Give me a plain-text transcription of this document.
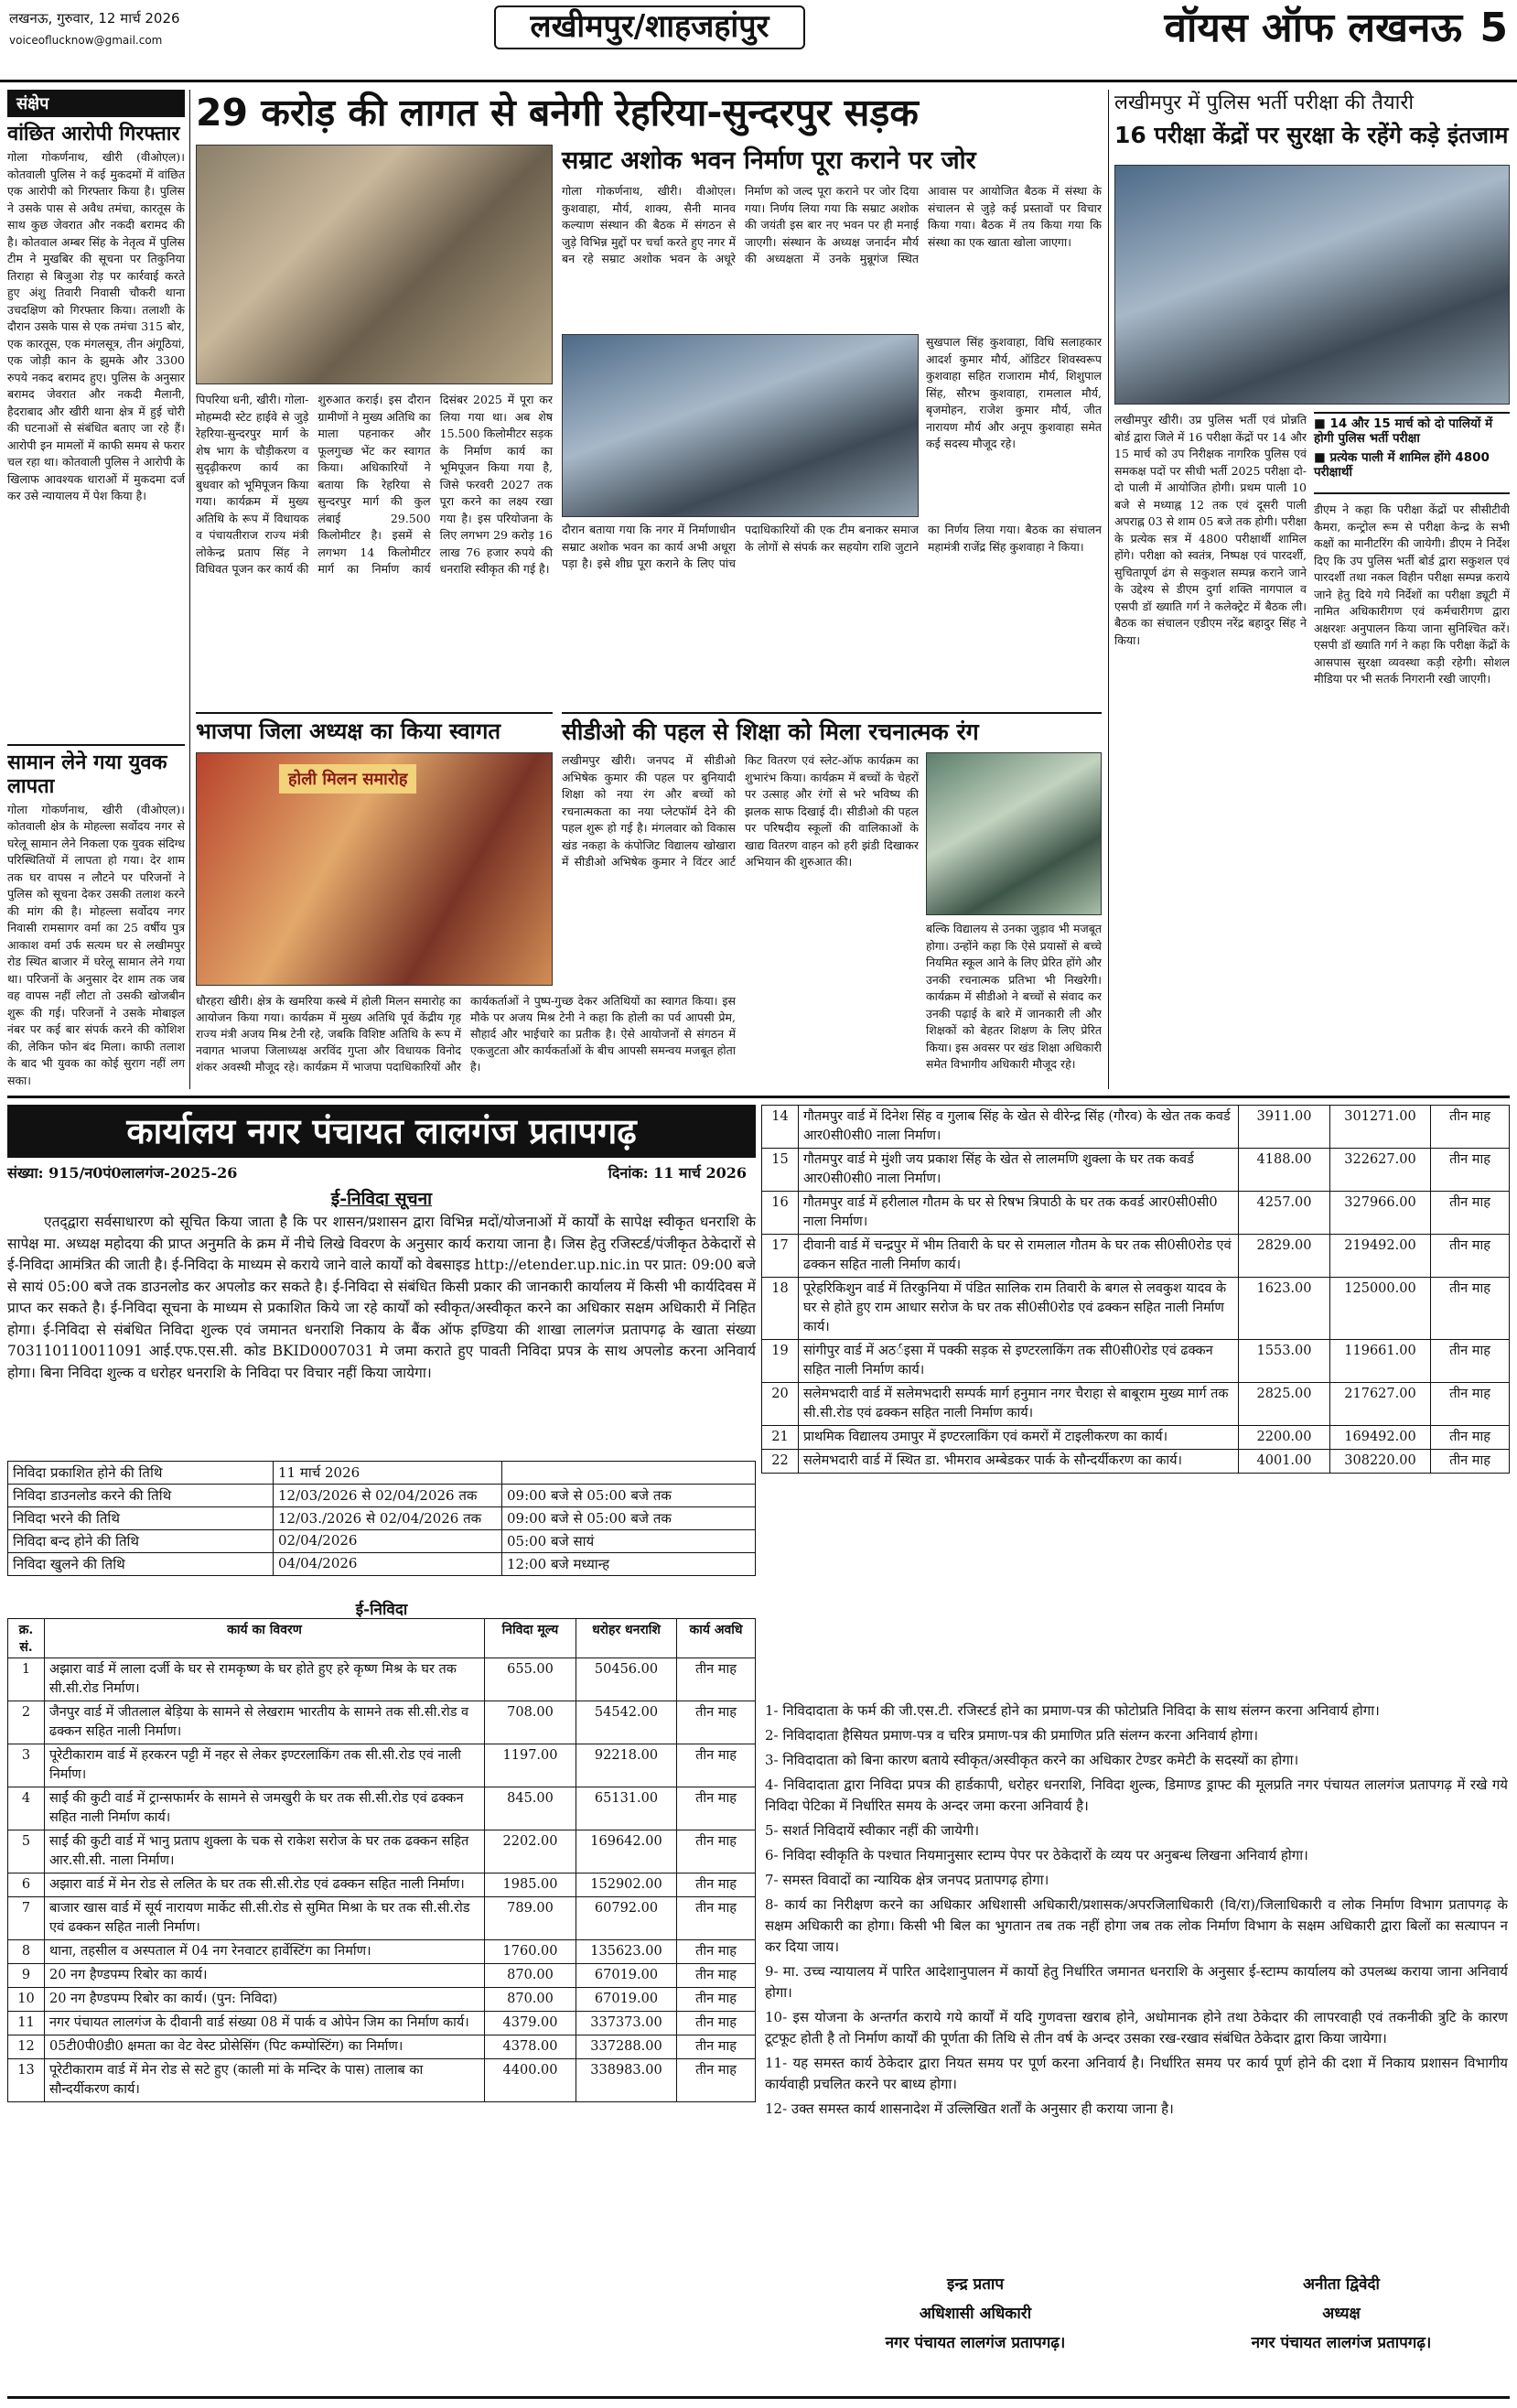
लखनऊ, गुरुवार, 12 मार्च 2026
voiceoflucknow@gmail.com	लखीमपुर/शाहजहांपुर	वॉयस ऑफ लखनऊ 5
संक्षेप
वांछित आरोपी गिरफ्तार
गोला गोकर्णनाथ, खीरी (वीओएल)। कोतवाली पुलिस ने कई मुकदमों में वांछित एक आरोपी को गिरफ्तार किया है। पुलिस ने उसके पास से अवैध तमंचा, कारतूस के साथ कुछ जेवरात और नकदी बरामद की है। कोतवाल अम्बर सिंह के नेतृत्व में पुलिस टीम ने मुखबिर की सूचना पर तिकुनिया तिराहा से बिजुआ रोड़ पर कार्रवाई करते हुए अंशु तिवारी निवासी चौकरी थाना उचदक्षिण को गिरफ्तार किया। तलाशी के दौरान उसके पास से एक तमंचा 315 बोर, एक कारतूस, एक मंगलसूत्र, तीन अंगूठियां, एक जोड़ी कान के झुमके और 3300 रुपये नकद बरामद हुए। पुलिस के अनुसार बरामद जेवरात और नकदी मैलानी, हैदराबाद और खीरी थाना क्षेत्र में हुई चोरी की घटनाओं से संबंधित बताए जा रहे हैं। आरोपी इन मामलों में काफी समय से फरार चल रहा था। कोतवाली पुलिस ने आरोपी के खिलाफ आवश्यक धाराओं में मुकदमा दर्ज कर उसे न्यायालय में पेश किया है।
सामान लेने गया युवक लापता
गोला गोकर्णनाथ, खीरी (वीओएल)। कोतवाली क्षेत्र के मोहल्ला सर्वोदय नगर से घरेलू सामान लेने निकला एक युवक संदिग्ध परिस्थितियों में लापता हो गया। देर शाम तक घर वापस न लौटने पर परिजनों ने पुलिस को सूचना देकर उसकी तलाश करने की मांग की है। मोहल्ला सर्वोदय नगर निवासी रामसागर वर्मा का 25 वर्षीय पुत्र आकाश वर्मा उर्फ सत्यम घर से लखीमपुर रोड स्थित बाजार में घरेलू सामान लेने गया था। परिजनों के अनुसार देर शाम तक जब वह वापस नहीं लौटा तो उसकी खोजबीन शुरू की गई। परिजनों ने उसके मोबाइल नंबर पर कई बार संपर्क करने की कोशिश की, लेकिन फोन बंद मिला। काफी तलाश के बाद भी युवक का कोई सुराग नहीं लग सका।
29 करोड़ की लागत से बनेगी रेहरिया-सुन्दरपुर सड़क
पिपरिया धनी, खीरी। गोला-मोहम्मदी स्टेट हाईवे से जुड़े रेहरिया-सुन्दरपुर मार्ग के शेष भाग के चौड़ीकरण व सुदृढ़ीकरण कार्य का बुधवार को भूमिपूजन किया गया। कार्यक्रम में मुख्य अतिथि के रूप में विधायक व पंचायतीराज राज्य मंत्री लोकेन्द्र प्रताप सिंह ने विधिवत पूजन कर कार्य की शुरुआत कराई। इस दौरान ग्रामीणों ने मुख्य अतिथि का माला पहनाकर और फूलगुच्छ भेंट कर स्वागत किया। अधिकारियों ने बताया कि रेहरिया से सुन्दरपुर मार्ग की कुल लंबाई 29.500 किलोमीटर है। इसमें से लगभग 14 किलोमीटर मार्ग का निर्माण कार्य दिसंबर 2025 में पूरा कर लिया गया था। अब शेष 15.500 किलोमीटर सड़क के निर्माण कार्य का भूमिपूजन किया गया है, जिसे फरवरी 2027 तक पूरा करने का लक्ष्य रखा गया है। इस परियोजना के लिए लगभग 29 करोड़ 16 लाख 76 हजार रुपये की धनराशि स्वीकृत की गई है।
सम्राट अशोक भवन निर्माण पूरा कराने पर जोर
गोला गोकर्णनाथ, खीरी। वीओएल। कुशवाहा, मौर्य, शाक्य, सैनी मानव कल्याण संस्थान की बैठक में संगठन से जुड़े विभिन्न मुद्दों पर चर्चा करते हुए नगर में बन रहे सम्राट अशोक भवन के अधूरे निर्माण को जल्द पूरा कराने पर जोर दिया गया। निर्णय लिया गया कि सम्राट अशोक की जयंती इस बार नए भवन पर ही मनाई जाएगी। संस्थान के अध्यक्ष जनार्दन मौर्य की अध्यक्षता में उनके मुन्नूगंज स्थित आवास पर आयोजित बैठक में संस्था के संचालन से जुड़े कई प्रस्तावों पर विचार किया गया। बैठक में तय किया गया कि संस्था का एक खाता खोला जाएगा।
सुखपाल सिंह कुशवाहा, विधि सलाहकार आदर्श कुमार मौर्य, ऑडिटर शिवस्वरूप कुशवाहा सहित राजाराम मौर्य, शिशुपाल सिंह, सौरभ कुशवाहा, रामलाल मौर्य, बृजमोहन, राजेश कुमार मौर्य, जीत नारायण मौर्य और अनूप कुशवाहा समेत कई सदस्य मौजूद रहे।
दौरान बताया गया कि नगर में निर्माणाधीन सम्राट अशोक भवन का कार्य अभी अधूरा पड़ा है। इसे शीघ्र पूरा कराने के लिए पांच पदाधिकारियों की एक टीम बनाकर समाज के लोगों से संपर्क कर सहयोग राशि जुटाने का निर्णय लिया गया। बैठक का संचालन महामंत्री राजेंद्र सिंह कुशवाहा ने किया।
भाजपा जिला अध्यक्ष का किया स्वागत
होली मिलन समारोह
धौरहरा खीरी। क्षेत्र के खमरिया कस्बे में होली मिलन समारोह का आयोजन किया गया। कार्यक्रम में मुख्य अतिथि पूर्व केंद्रीय गृह राज्य मंत्री अजय मिश्र टेनी रहे, जबकि विशिष्ट अतिथि के रूप में नवागत भाजपा जिलाध्यक्ष अरविंद गुप्ता और विधायक विनोद शंकर अवस्थी मौजूद रहे। कार्यक्रम में भाजपा पदाधिकारियों और कार्यकर्ताओं ने पुष्प-गुच्छ देकर अतिथियों का स्वागत किया। इस मौके पर अजय मिश्र टेनी ने कहा कि होली का पर्व आपसी प्रेम, सौहार्द और भाईचारे का प्रतीक है। ऐसे आयोजनों से संगठन में एकजुटता और कार्यकर्ताओं के बीच आपसी समन्वय मजबूत होता है।
सीडीओ की पहल से शिक्षा को मिला रचनात्मक रंग
लखीमपुर खीरी। जनपद में सीडीओ अभिषेक कुमार की पहल पर बुनियादी शिक्षा को नया रंग और बच्चों को रचनात्मकता का नया प्लेटफॉर्म देने की पहल शुरू हो गई है। मंगलवार को विकास खंड नकहा के कंपोजिट विद्यालय खोखारा में सीडीओ अभिषेक कुमार ने विंटर आर्ट किट वितरण एवं स्लेट-ऑफ कार्यक्रम का शुभारंभ किया। कार्यक्रम में बच्चों के चेहरों पर उत्साह और रंगों से भरे भविष्य की झलक साफ दिखाई दी। सीडीओ की पहल पर परिषदीय स्कूलों की वालिकाओं के खाद्य वितरण वाहन को हरी झंडी दिखाकर अभियान की शुरुआत की।
बल्कि विद्यालय से उनका जुड़ाव भी मजबूत होगा। उन्होंने कहा कि ऐसे प्रयासों से बच्चे नियमित स्कूल आने के लिए प्रेरित होंगे और उनकी रचनात्मक प्रतिभा भी निखरेगी। कार्यक्रम में सीडीओ ने बच्चों से संवाद कर उनकी पढ़ाई के बारे में जानकारी ली और शिक्षकों को बेहतर शिक्षण के लिए प्रेरित किया। इस अवसर पर खंड शिक्षा अधिकारी समेत विभागीय अधिकारी मौजूद रहे।
लखीमपुर में पुलिस भर्ती परीक्षा की तैयारी
16 परीक्षा केंद्रों पर सुरक्षा के रहेंगे कड़े इंतजाम
लखीमपुर खीरी। उप्र पुलिस भर्ती एवं प्रोन्नति बोर्ड द्वारा जिले में 16 परीक्षा केंद्रों पर 14 और 15 मार्च को उप निरीक्षक नागरिक पुलिस एवं समकक्ष पदों पर सीधी भर्ती 2025 परीक्षा दो-दो पाली में आयोजित होगी। प्रथम पाली 10 बजे से मध्याह्न 12 तक एवं दूसरी पाली अपराह्न 03 से शाम 05 बजे तक होगी। परीक्षा के प्रत्येक सत्र में 4800 परीक्षार्थी शामिल होंगे। परीक्षा को स्वतंत्र, निष्पक्ष एवं पारदर्शी, सुचितापूर्ण ढंग से सकुशल सम्पन्न कराने जाने के उद्देश्य से डीएम दुर्गा शक्ति नागपाल व एसपी डॉ ख्याति गर्ग ने कलेक्ट्रेट में बैठक ली। बैठक का संचालन एडीएम नरेंद्र बहादुर सिंह ने किया।
■ 14 और 15 मार्च को दो पालियों में होगी पुलिस भर्ती परीक्षा
■ प्रत्येक पाली में शामिल होंगे 4800 परीक्षार्थी
डीएम ने कहा कि परीक्षा केंद्रों पर सीसीटीवी कैमरा, कन्ट्रोल रूम से परीक्षा केन्द्र के सभी कक्षों का मानीटरिंग की जायेगी। डीएम ने निर्देश दिए कि उप पुलिस भर्ती बोर्ड द्वारा सकुशल एवं पारदर्शी तथा नकल विहीन परीक्षा सम्पन्न कराये जाने हेतु दिये गये निर्देशों का परीक्षा ड्यूटी में नामित अधिकारीगण एवं कर्मचारीगण द्वारा अक्षरशः अनुपालन किया जाना सुनिश्चित करें। एसपी डॉ ख्याति गर्ग ने कहा कि परीक्षा केंद्रों के आसपास सुरक्षा व्यवस्था कड़ी रहेगी। सोशल मीडिया पर भी सतर्क निगरानी रखी जाएगी।
कार्यालय नगर पंचायत लालगंज प्रतापगढ़
संख्या: 915/न0पं0लालगंज-2025-26	दिनांक: 11 मार्च 2026
ई-निविदा सूचना
एतद्‌द्वारा सर्वसाधारण को सूचित किया जाता है कि पर शासन/प्रशासन द्वारा विभिन्न मदों/योजनाओं में कार्यों के सापेक्ष स्वीकृत धनराशि के सापेक्ष मा. अध्यक्ष महोदया की प्राप्त अनुमति के क्रम में नीचे लिखे विवरण के अनुसार कार्य कराया जाना है। जिस हेतु रजिस्टर्ड/पंजीकृत ठेकेदारों से ई-निविदा आमंत्रित की जाती है। ई-निविदा के माध्यम से कराये जाने वाले कार्यों को वेबसाइड http://etender.up.nic.in पर प्रात: 09:00 बजे से सायं 05:00 बजे तक डाउनलोड कर अपलोड कर सकते है। ई-निविदा से संबंधित किसी प्रकार की जानकारी कार्यालय में किसी भी कार्यदिवस में प्राप्त कर सकते है। ई-निविदा सूचना के माध्यम से प्रकाशित किये जा रहे कार्यों को स्वीकृत/अस्वीकृत करने का अधिकार सक्षम अधिकारी में निहित होगा। ई-निविदा से संबंधित निविदा शुल्क एवं जमानत धनराशि निकाय के बैंक ऑफ इण्डिया की शाखा लालगंज प्रतापगढ़ के खाता संख्या 703110110011091 आई.एफ.एस.सी. कोड BKID0007031 मे जमा कराते हुए पावती निविदा प्रपत्र के साथ अपलोड करना अनिवार्य होगा। बिना निविदा शुल्क व धरोहर धनराशि के निविदा पर विचार नहीं किया जायेगा।
निविदा प्रकाशित होने की तिथि	11 मार्च 2026	
निविदा डाउनलोड करने की तिथि	12/03/2026 से 02/04/2026 तक	09:00 बजे से 05:00 बजे तक
निविदा भरने की तिथि	12/03./2026 से 02/04/2026 तक	09:00 बजे से 05:00 बजे तक
निविदा बन्द होने की तिथि	02/04/2026	05:00 बजे सायं
निविदा खुलने की तिथि	04/04/2026	12:00 बजे मध्यान्ह
ई-निविदा
क्र. सं.	कार्य का विवरण	निविदा मूल्य	धरोहर धनराशि	कार्य अवधि
1	अझारा वार्ड में लाला दर्जी के घर से रामकृष्ण के घर होते हुए हरे कृष्ण मिश्र के घर तक सी.सी.रोड निर्माण।	655.00	50456.00	तीन माह
2	जैनपुर वार्ड में जीतलाल बेड़िया के सामने से लेखराम भारतीय के सामने तक सी.सी.रोड व ढक्कन सहित नाली निर्माण।	708.00	54542.00	तीन माह
3	पूरेटीकाराम वार्ड में हरकरन पट्टी में नहर से लेकर इण्टरलाकिंग तक सी.सी.रोड एवं नाली निर्माण।	1197.00	92218.00	तीन माह
4	साईं की कुटी वार्ड में ट्रान्सफार्मर के सामने से जमखुरी के घर तक सी.सी.रोड एवं ढक्कन सहित नाली निर्माण कार्य।	845.00	65131.00	तीन माह
5	साईं की कुटी वार्ड में भानु प्रताप शुक्ला के चक से राकेश सरोज के घर तक ढक्कन सहित आर.सी.सी. नाला निर्माण।	2202.00	169642.00	तीन माह
6	अझारा वार्ड में मेन रोड से ललित के घर तक सी.सी.रोड एवं ढक्कन सहित नाली निर्माण।	1985.00	152902.00	तीन माह
7	बाजार खास वार्ड में सूर्य नारायण मार्केट सी.सी.रोड से सुमित मिश्रा के घर तक सी.सी.रोड एवं ढक्कन सहित नाली निर्माण।	789.00	60792.00	तीन माह
8	थाना, तहसील व अस्पताल में 04 नग रेनवाटर हार्वेस्टिंग का निर्माण।	1760.00	135623.00	तीन माह
9	20 नग हैण्डपम्प रिबोर का कार्य।	870.00	67019.00	तीन माह
10	20 नग हैण्डपम्प रिबोर का कार्य। (पुन: निविदा)	870.00	67019.00	तीन माह
11	नगर पंचायत लालगंज के दीवानी वार्ड संख्या 08 में पार्क व ओपेन जिम का निर्माण कार्य।	4379.00	337373.00	तीन माह
12	05टी0पी0डी0 क्षमता का वेट वेस्ट प्रोसेसिंग (पिट कम्पोस्टिंग) का निर्माण।	4378.00	337288.00	तीन माह
13	पूरेटीकाराम वार्ड में मेन रोड से सटे हुए (काली मां के मन्दिर के पास) तालाब का सौन्दर्यीकरण कार्य।	4400.00	338983.00	तीन माह
14	गौतमपुर वार्ड में दिनेश सिंह व गुलाब सिंह के खेत से वीरेन्द्र सिंह (गौरव) के खेत तक कवर्ड आर0सी0सी0 नाला निर्माण।	3911.00	301271.00	तीन माह
15	गौतमपुर वार्ड मे मुंशी जय प्रकाश सिंह के खेत से लालमणि शुक्ला के घर तक कवर्ड आर0सी0सी0 नाला निर्माण।	4188.00	322627.00	तीन माह
16	गौतमपुर वार्ड में हरीलाल गौतम के घर से रिषभ त्रिपाठी के घर तक कवर्ड आर0सी0सी0 नाला निर्माण।	4257.00	327966.00	तीन माह
17	दीवानी वार्ड में चन्द्रपुर में भीम तिवारी के घर से रामलाल गौतम के घर तक सी0सी0रोड एवं ढक्कन सहित नाली निर्माण कार्य।	2829.00	219492.00	तीन माह
18	पूरेहरिकिशुन वार्ड में तिरकुनिया में पंडित सालिक राम तिवारी के बगल से लवकुश यादव के घर से होते हुए राम आधार सरोज के घर तक सी0सी0रोड एवं ढक्कन सहित नाली निर्माण कार्य।	1623.00	125000.00	तीन माह
19	सांगीपुर वार्ड में अठर्इसा में पक्की सड़क से इण्टरलाकिंग तक सी0सी0रोड एवं ढक्कन सहित नाली निर्माण कार्य।	1553.00	119661.00	तीन माह
20	सलेमभदारी वार्ड में सलेमभदारी सम्पर्क मार्ग हनुमान नगर चैराहा से बाबूराम मुख्य मार्ग तक सी.सी.रोड एवं ढक्कन सहित नाली निर्माण कार्य।	2825.00	217627.00	तीन माह
21	प्राथमिक विद्यालय उमापुर में इण्टरलाकिंग एवं कमरों में टाइलीकरण का कार्य।	2200.00	169492.00	तीन माह
22	सलेमभदारी वार्ड में स्थित डा. भीमराव अम्बेडकर पार्क के सौन्दर्यीकरण का कार्य।	4001.00	308220.00	तीन माह
1- निविदादाता के फर्म की जी.एस.टी. रजिस्टर्ड होने का प्रमाण-पत्र की फोटोप्रति निविदा के साथ संलग्न करना अनिवार्य होगा।
2- निविदादाता हैसियत प्रमाण-पत्र व चरित्र प्रमाण-पत्र की प्रमाणित प्रति संलग्न करना अनिवार्य होगा।
3- निविदादाता को बिना कारण बताये स्वीकृत/अस्वीकृत करने का अधिकार टेण्डर कमेटी के सदस्यों का होगा।
4- निविदादाता द्वारा निविदा प्रपत्र की हार्डकापी, धरोहर धनराशि, निविदा शुल्क, डिमाण्ड ड्राफ्ट की मूलप्रति नगर पंचायत लालगंज प्रतापगढ़ में रखे गये निविदा पेटिका में निर्धारित समय के अन्दर जमा करना अनिवार्य है।
5- सशर्त निविदायें स्वीकार नहीं की जायेगी।
6- निविदा स्वीकृति के पश्चात नियमानुसार स्टाम्प पेपर पर ठेकेदारों के व्यय पर अनुबन्ध लिखना अनिवार्य होगा।
7- समस्त विवादों का न्यायिक क्षेत्र जनपद प्रतापगढ़ होगा।
8- कार्य का निरीक्षण करने का अधिकार अधिशासी अधिकारी/प्रशासक/अपरजिलाधिकारी (वि/रा)/जिलाधिकारी व लोक निर्माण विभाग प्रतापगढ़ के सक्षम अधिकारी का होगा। किसी भी बिल का भुगतान तब तक नहीं होगा जब तक लोक निर्माण विभाग के सक्षम अधिकारी द्वारा बिलों का सत्यापन न कर दिया जाय।
9- मा. उच्च न्यायालय में पारित आदेशानुपालन में कार्यो हेतु निर्धारित जमानत धनराशि के अनुसार ई-स्टाम्प कार्यालय को उपलब्ध कराया जाना अनिवार्य होगा।
10- इस योजना के अन्तर्गत कराये गये कार्यों में यदि गुणवत्ता खराब होने, अधोमानक होने तथा ठेकेदार की लापरवाही एवं तकनीकी त्रुटि के कारण टूटफूट होती है तो निर्माण कार्यों की पूर्णता की तिथि से तीन वर्ष के अन्दर उसका रख-रखाव संबंधित ठेकेदार द्वारा किया जायेगा।
11- यह समस्त कार्य ठेकेदार द्वारा नियत समय पर पूर्ण करना अनिवार्य है। निर्धारित समय पर कार्य पूर्ण होने की दशा में निकाय प्रशासन विभागीय कार्यवाही प्रचलित करने पर बाध्य होगा।
12- उक्त समस्त कार्य शासनादेश में उल्लिखित शर्तों के अनुसार ही कराया जाना है।
इन्द्र प्रताप
अधिशासी अधिकारी
नगर पंचायत लालगंज प्रतापगढ़।
अनीता द्विवेदी
अध्यक्ष
नगर पंचायत लालगंज प्रतापगढ़।
